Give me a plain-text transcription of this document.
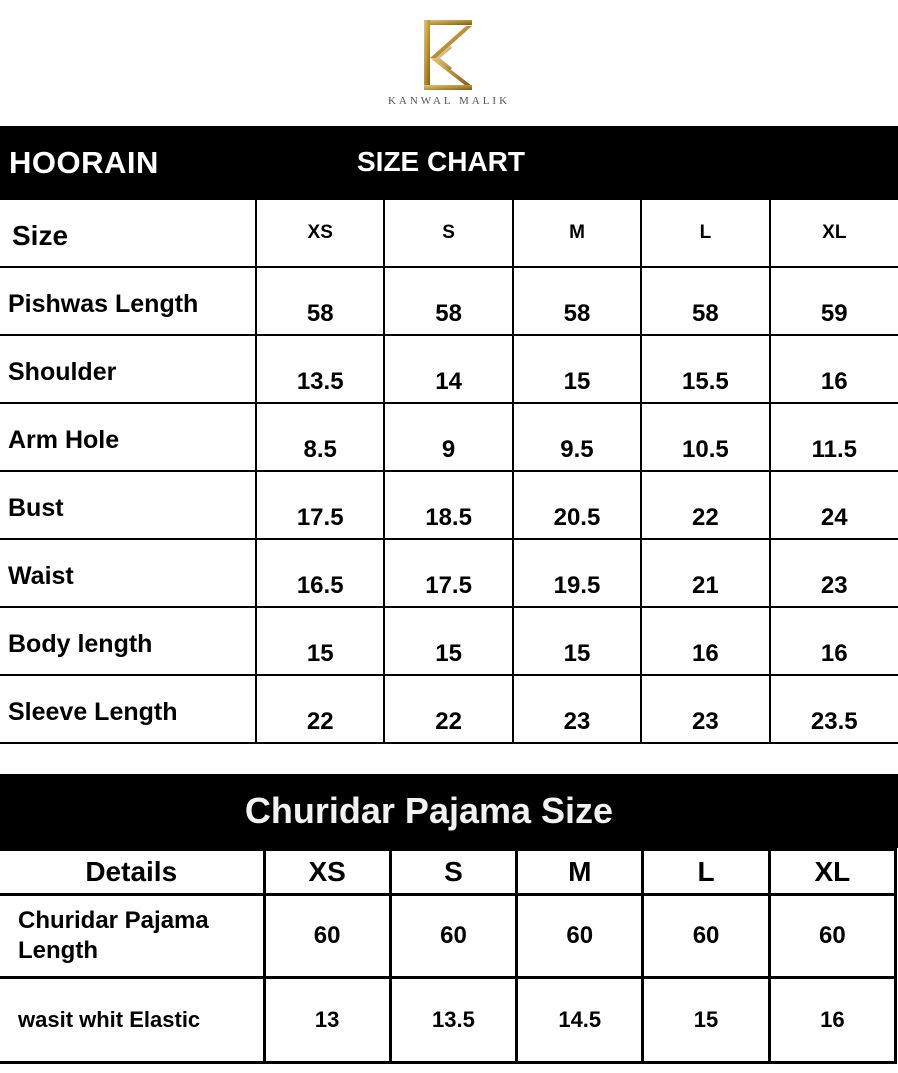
KANWAL MALIK
HOORAIN	SIZE CHART
Size	XS	S	M	L	XL
Pishwas Length	58	58	58	58	59
Shoulder	13.5	14	15	15.5	16
Arm Hole	8.5	9	9.5	10.5	11.5
Bust	17.5	18.5	20.5	22	24
Waist	16.5	17.5	19.5	21	23
Body length	15	15	15	16	16
Sleeve Length	22	22	23	23	23.5
Churidar Pajama Size
Details	XS	S	M	L	XL

Churidar Pajama
Length	60	60	60	60	60
wasit whit Elastic	13	13.5	14.5	15	16
